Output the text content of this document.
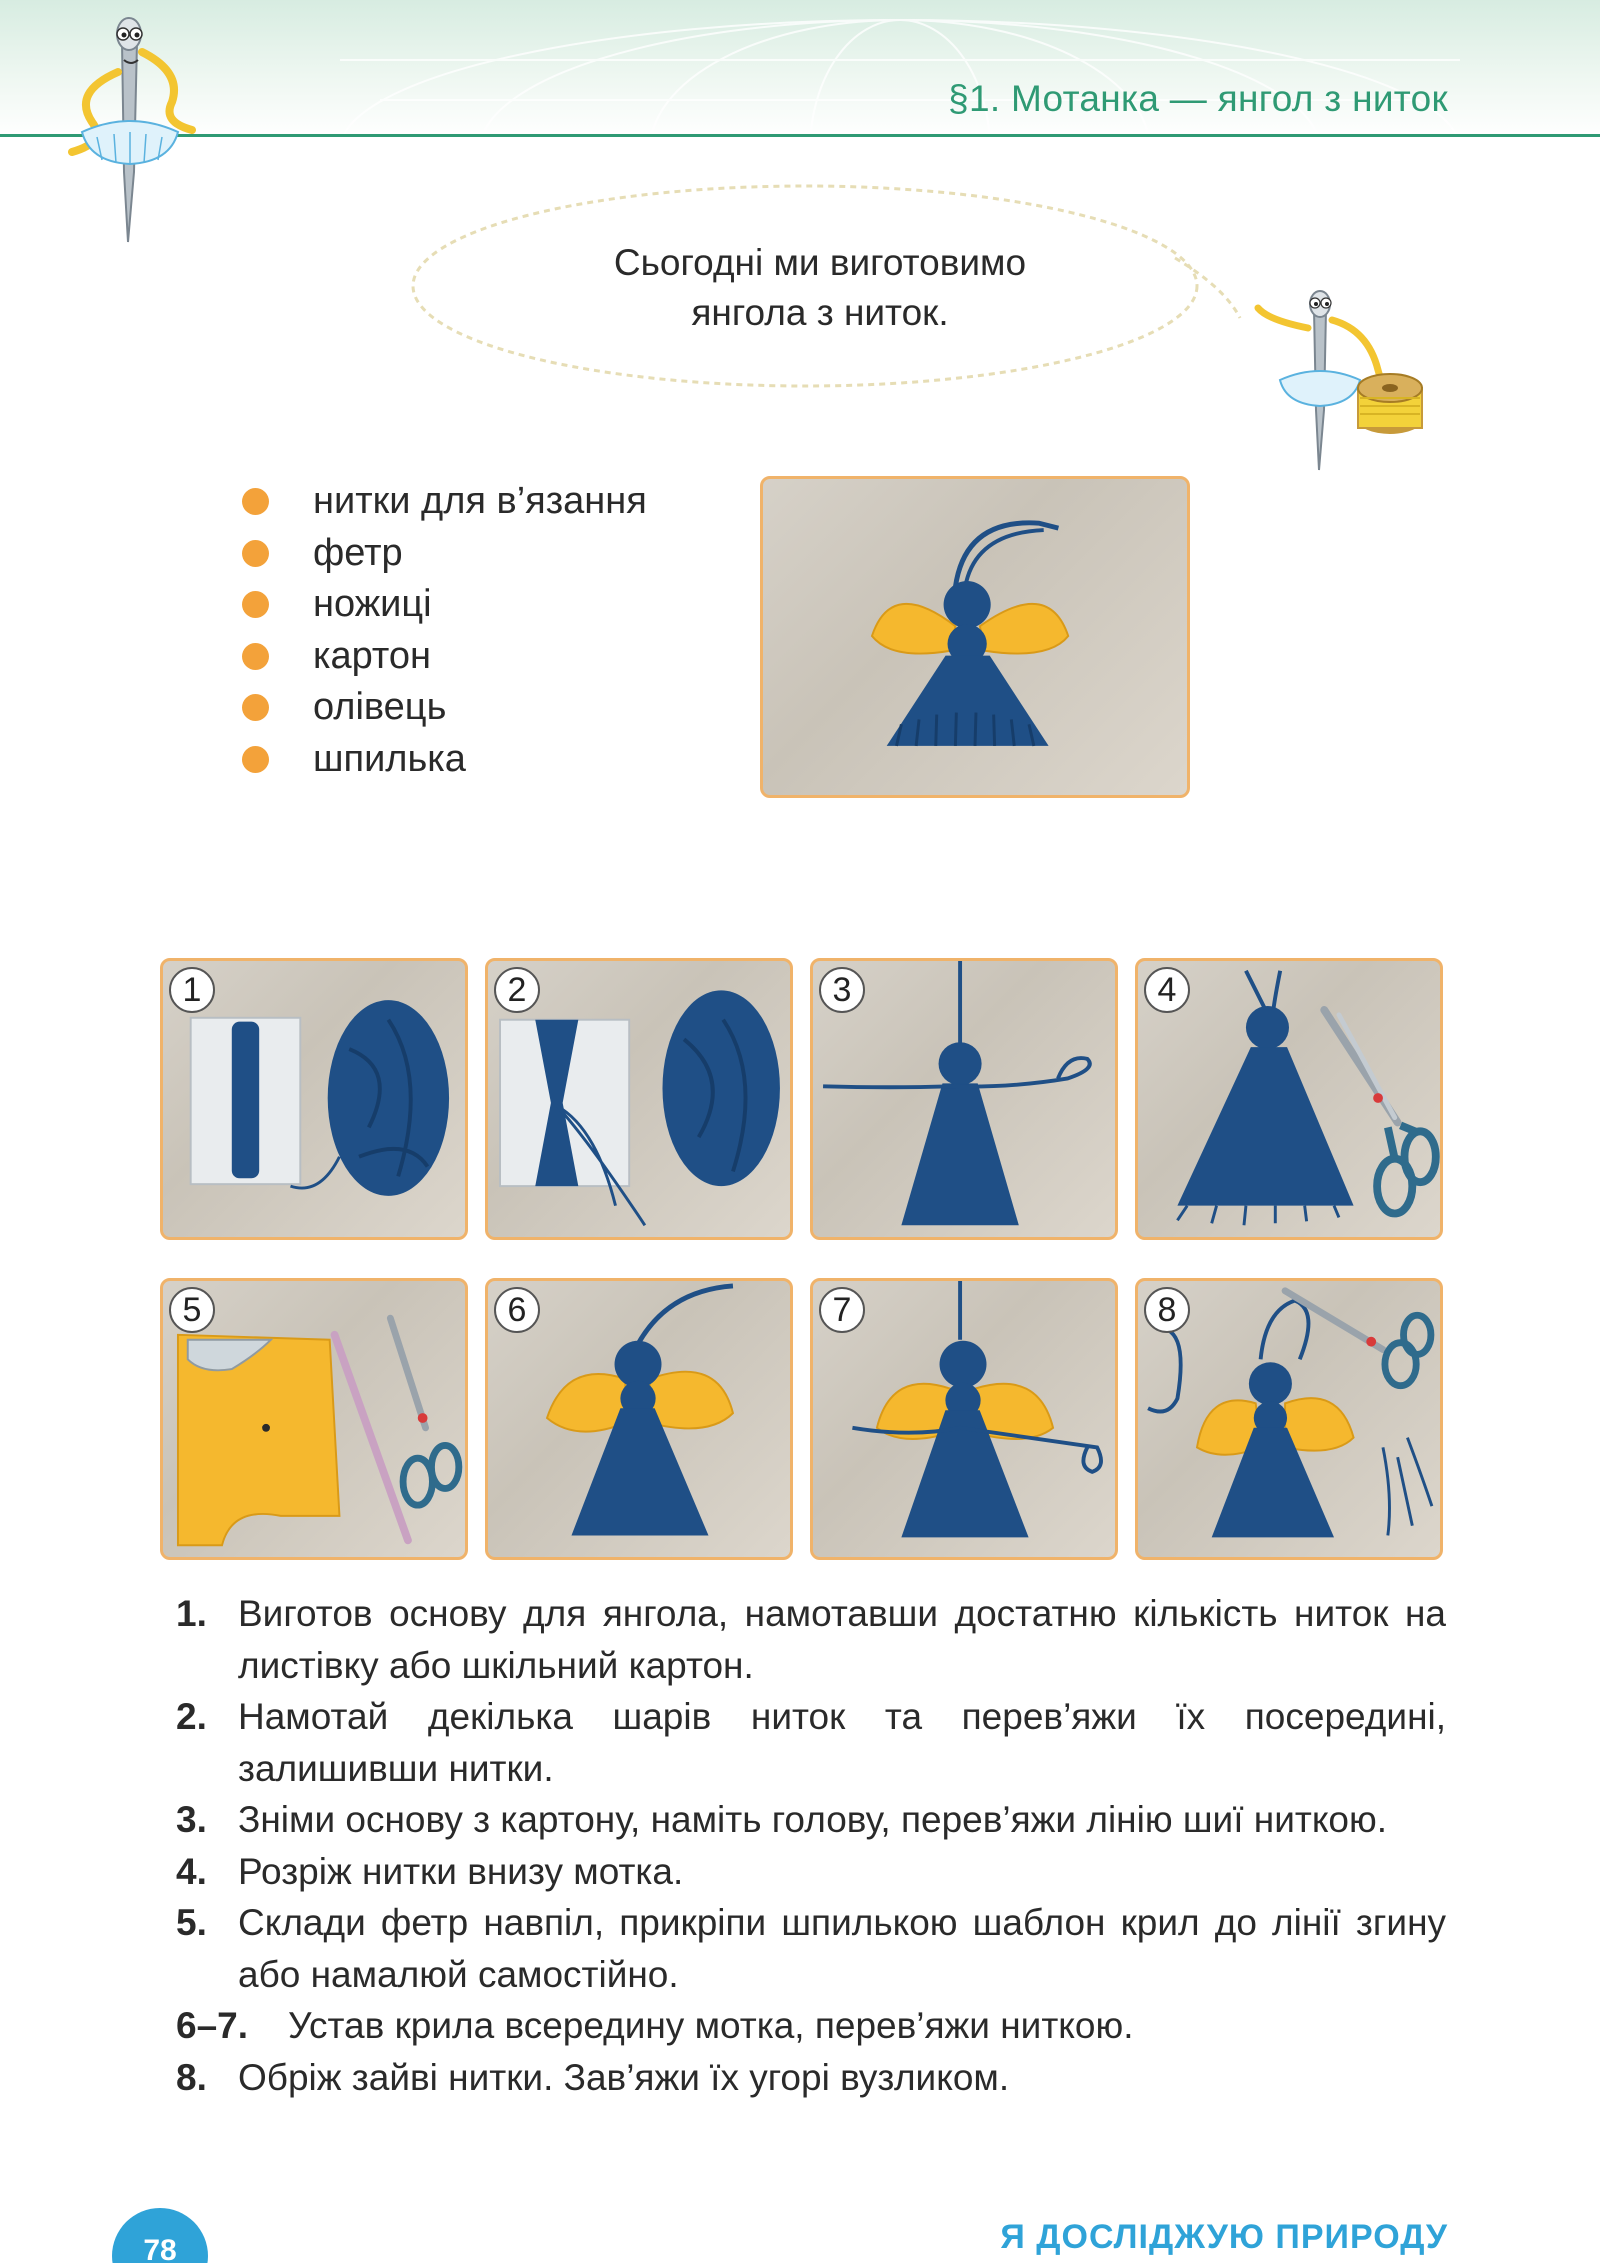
§1. Мотанка — янгол з ниток
Сьогодні ми виготовимо
янгола з ниток.
нитки для в’язання
фетр
ножиці
картон
олівець
шпилька
1	2	3	4
5	6	7	8
1. Виготов основу для янгола, намотавши достатню кількість ниток на листівку або шкільний картон.
2. Намотай декілька шарів ниток та перев’яжи їх посередині, залишивши нитки.
3. Зніми основу з картону, наміть голову, перев’яжи лінію шиї ниткою.
4. Розріж нитки внизу мотка.
5. Склади фетр навпіл, прикріпи шпилькою шаблон крил до лінії згину або намалюй самостійно.
6–7. Устав крила всередину мотка, перев’яжи ниткою.
8. Обріж зайві нитки. Зав’яжи їх угорі вузликом.
78	Я ДОСЛІДЖУЮ ПРИРОДУ
